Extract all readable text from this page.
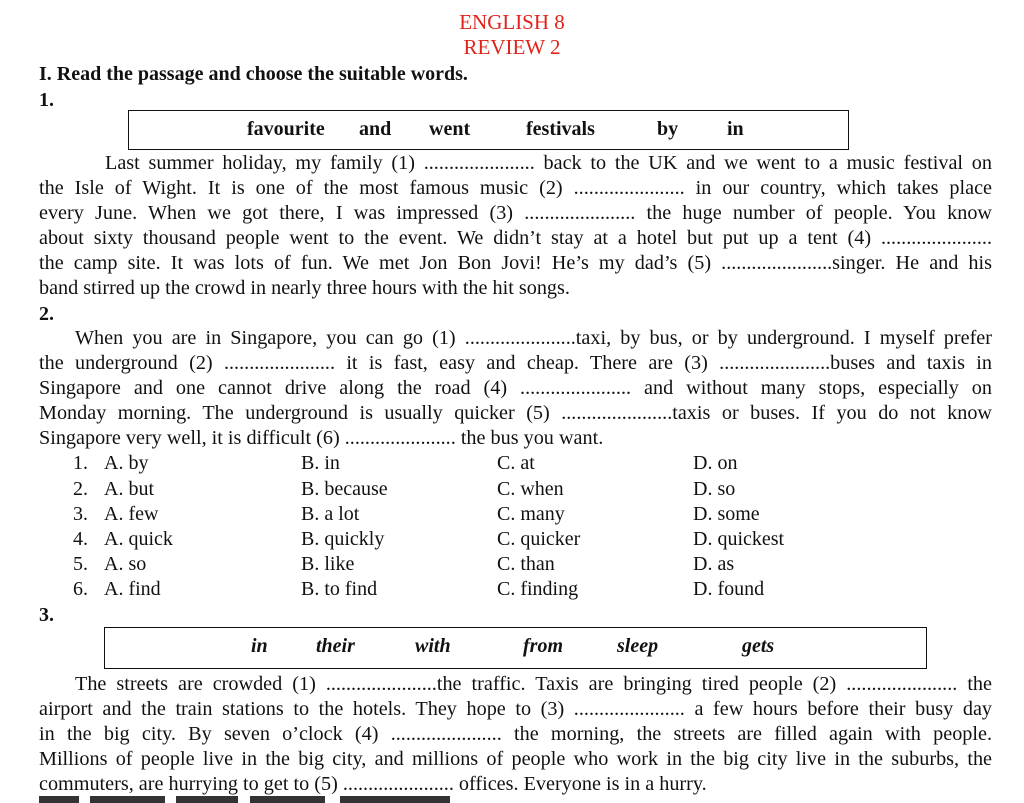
ENGLISH 8
REVIEW 2
I. Read the passage and choose the suitable words.
1.
favourite and went	festivals	by in
Last summer holiday, my family (1) ...................... back to the UK and we went to a music festival on
the Isle of Wight. It is one of the most famous music (2) ...................... in our country, which takes place
every June. When we got there, I was impressed (3) ...................... the huge number of people. You know
about sixty thousand people went to the event. We didn’t stay at a hotel but put up a tent (4) ......................
the camp site. It was lots of fun. We met Jon Bon Jovi! He’s my dad’s (5) ......................singer. He and his
band stirred up the crowd in nearly three hours with the hit songs.
2.
When you are in Singapore, you can go (1) ......................taxi, by bus, or by underground. I myself prefer
the underground (2) ...................... it is fast, easy and cheap. There are (3) ......................buses and taxis in
Singapore and one cannot drive along the road (4) ...................... and without many stops, especially on
Monday morning. The underground is usually quicker (5) ......................taxis or buses. If you do not know
Singapore very well, it is difficult (6) ...................... the bus you want.
1. A. by	B. in	C. at	D. on
2. A. but	B. because	C. when	D. so
3. A. few	B. a lot	C. many	D. some
4. A. quick	B. quickly	C. quicker	D. quickest
5. A. so	B. like	C. than	D. as
6. A. find	B. to find	C. finding	D. found
3.
in their	with	from	sleep	gets
The streets are crowded (1) ......................the traffic. Taxis are bringing tired people (2) ...................... the
airport and the train stations to the hotels. They hope to (3) ...................... a few hours before their busy day
in the big city. By seven o’clock (4) ...................... the morning, the streets are filled again with people.
Millions of people live in the big city, and millions of people who work in the big city live in the suburbs, the
commuters, are hurrying to get to (5) ...................... offices. Everyone is in a hurry.
